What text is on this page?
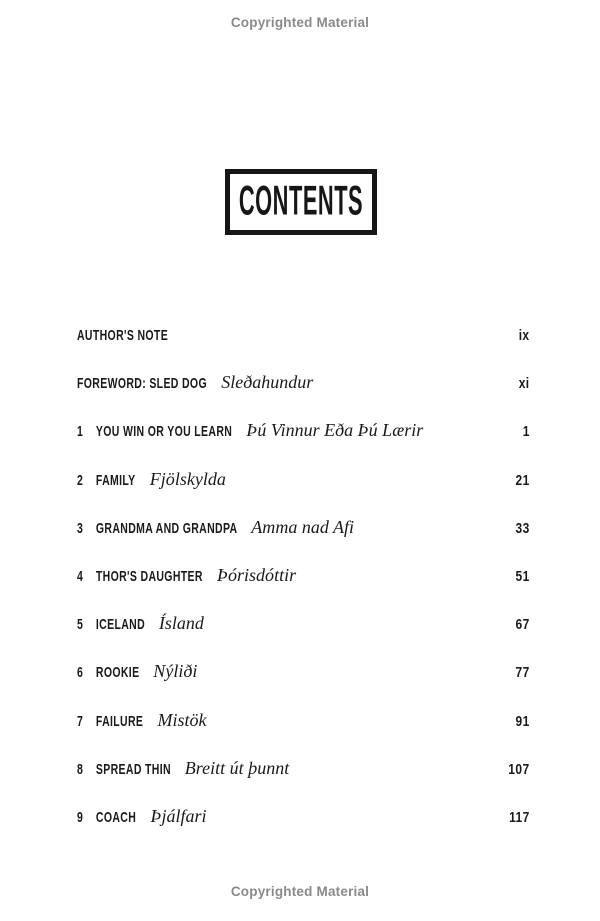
Copyrighted Material
CONTENTS
AUTHOR'S NOTE	ix
FOREWORD: SLED DOG Sleðahundur	xi
1 YOU WIN OR YOU LEARN Þú Vinnur Eða Þú Lærir	1
2 FAMILY Fjölskylda	21
3 GRANDMA AND GRANDPA Amma nad Afi	33
4 THOR'S DAUGHTER Þórisdóttir	51
5 ICELAND Ísland	67
6 ROOKIE Nýliði	77
7 FAILURE Mistök	91
8 SPREAD THIN Breitt út þunnt	107
9 COACH Þjálfari	117
Copyrighted Material
